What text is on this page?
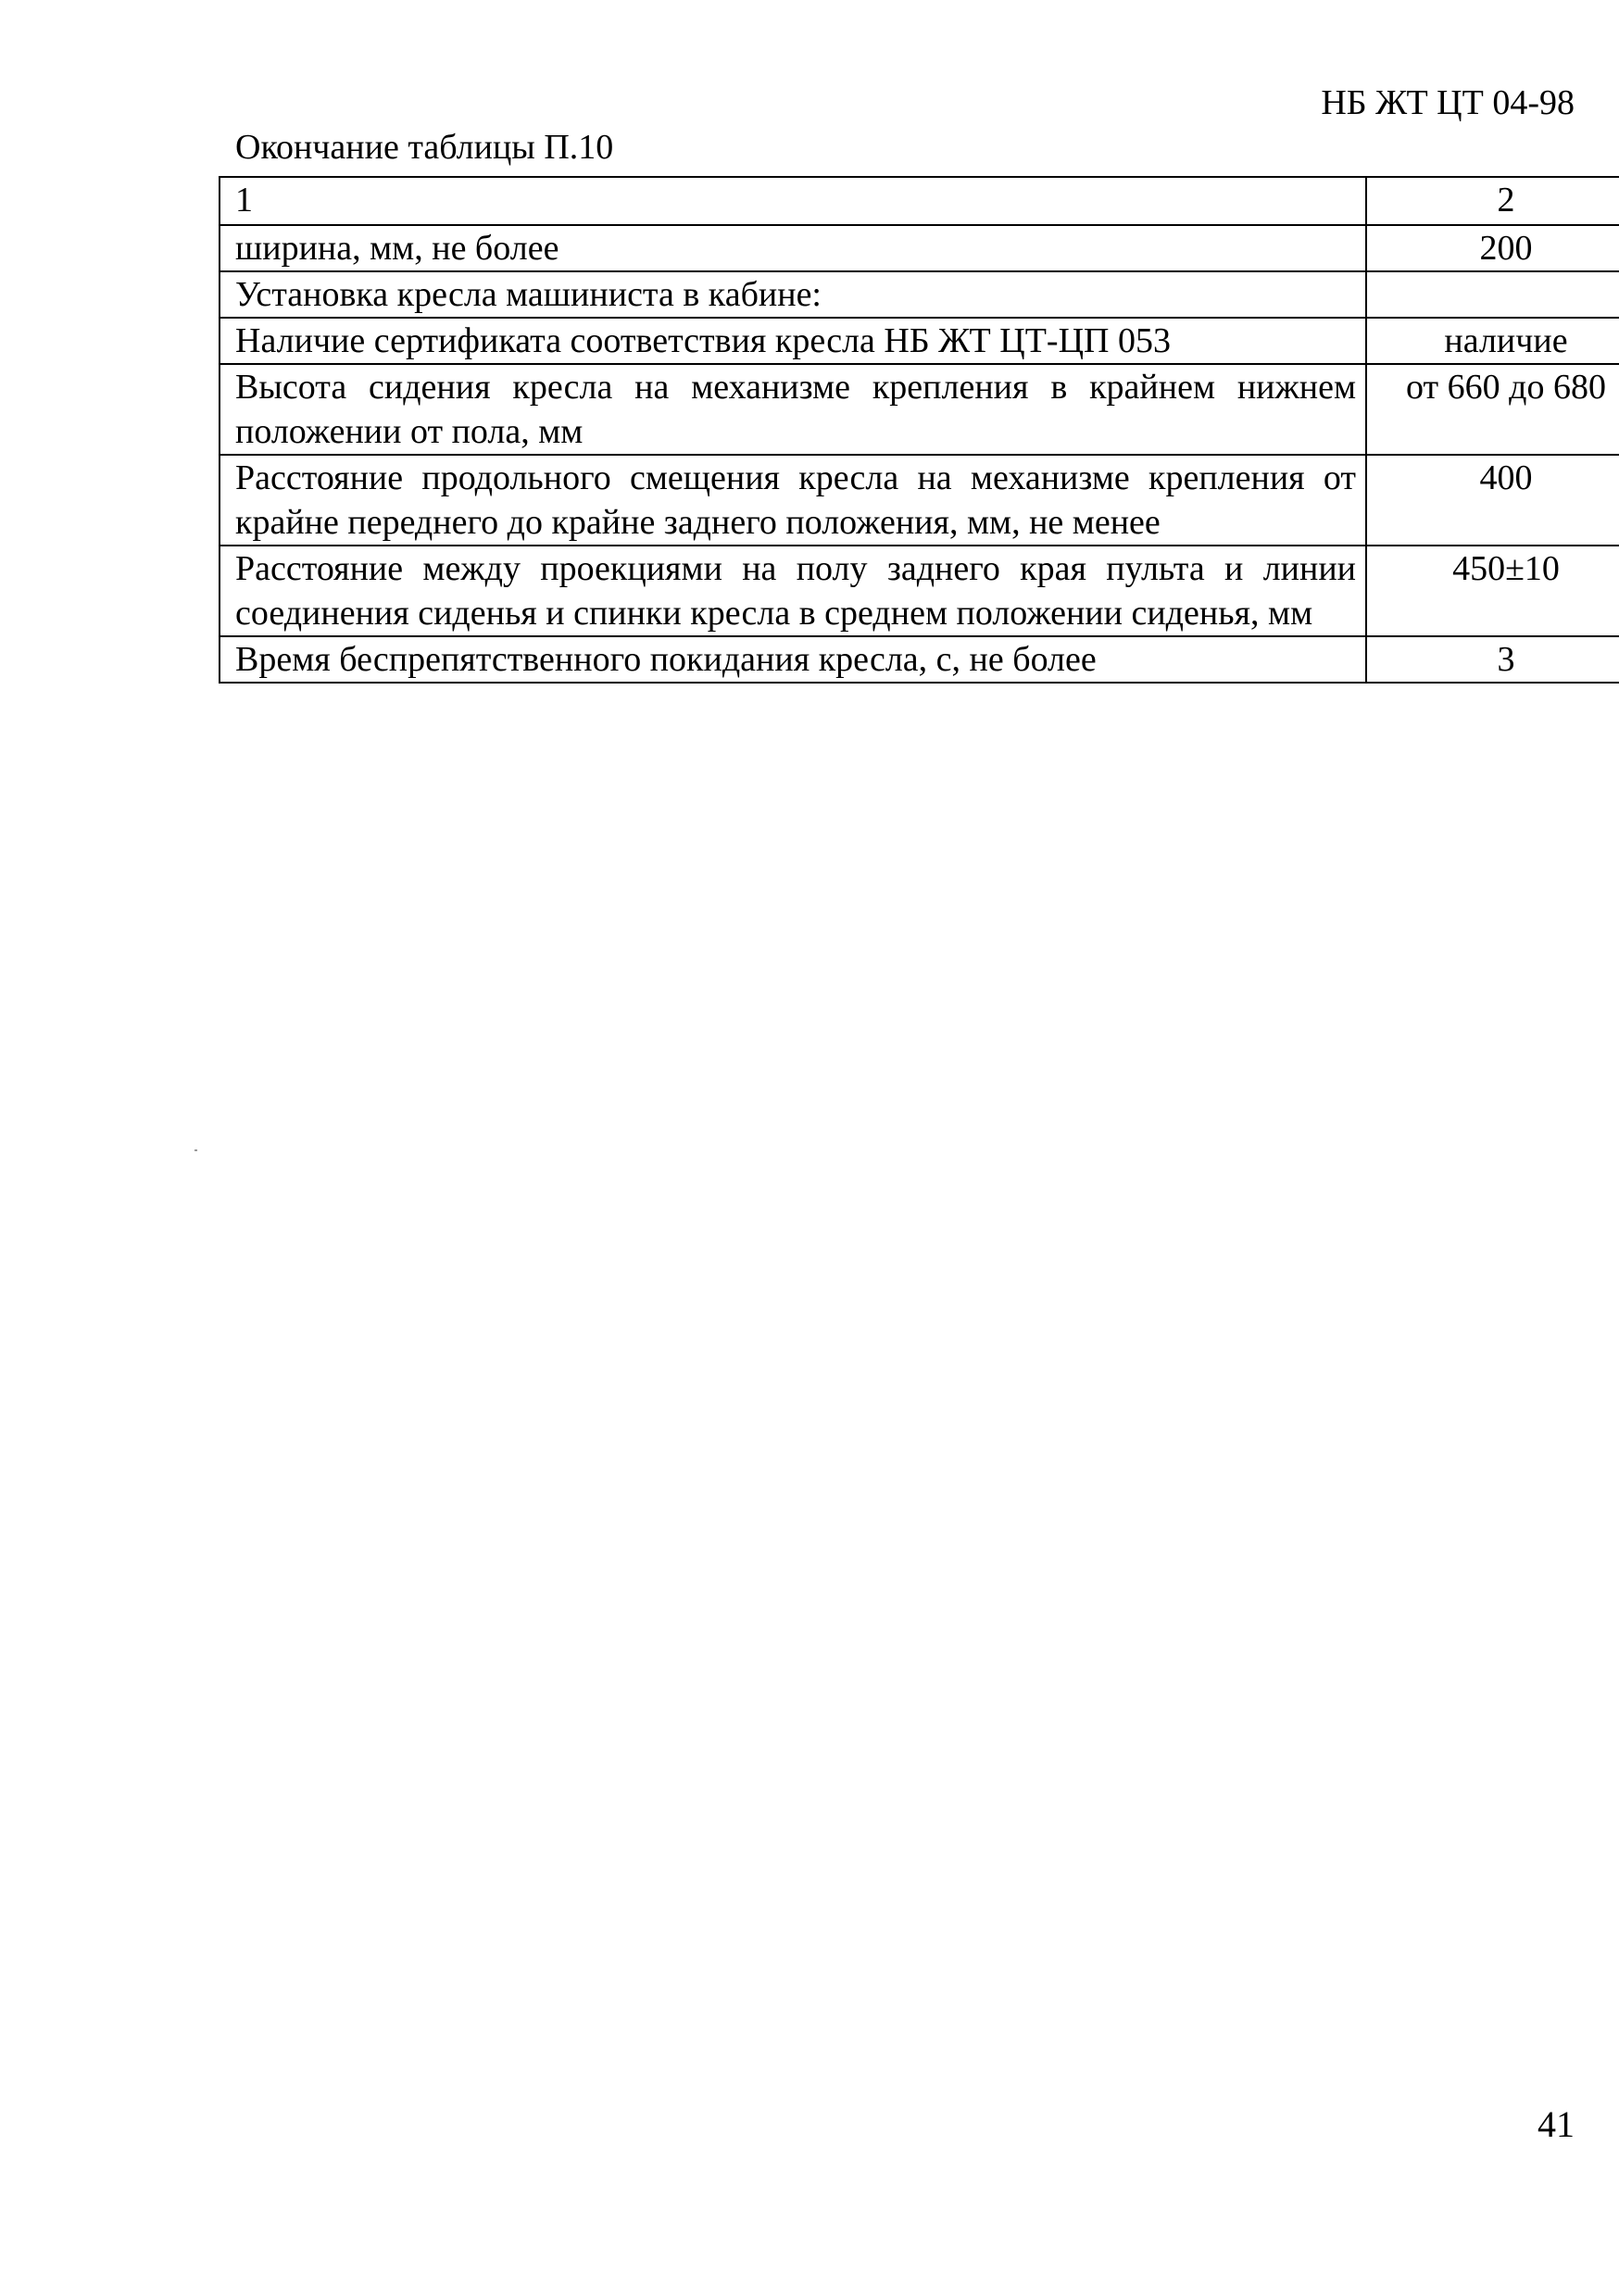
НБ ЖТ ЦТ 04-98
Окончание таблицы П.10
1	2
ширина, мм, не более	200
Установка кресла машиниста в кабине:	
Наличие сертификата соответствия кресла НБ ЖТ ЦТ-ЦП 053	наличие
Высота сидения кресла на механизме крепления в крайнем нижнем положении от пола, мм	от 660 до 680
Расстояние продольного смещения кресла на механизме крепления от крайне переднего до крайне заднего положения, мм, не менее	400
Расстояние между проекциями на полу заднего края пульта и линии соединения сиденья и спинки кресла в среднем положении сиденья, мм	450±10
Время беспрепятственного покидания кресла, с, не более	3
41
